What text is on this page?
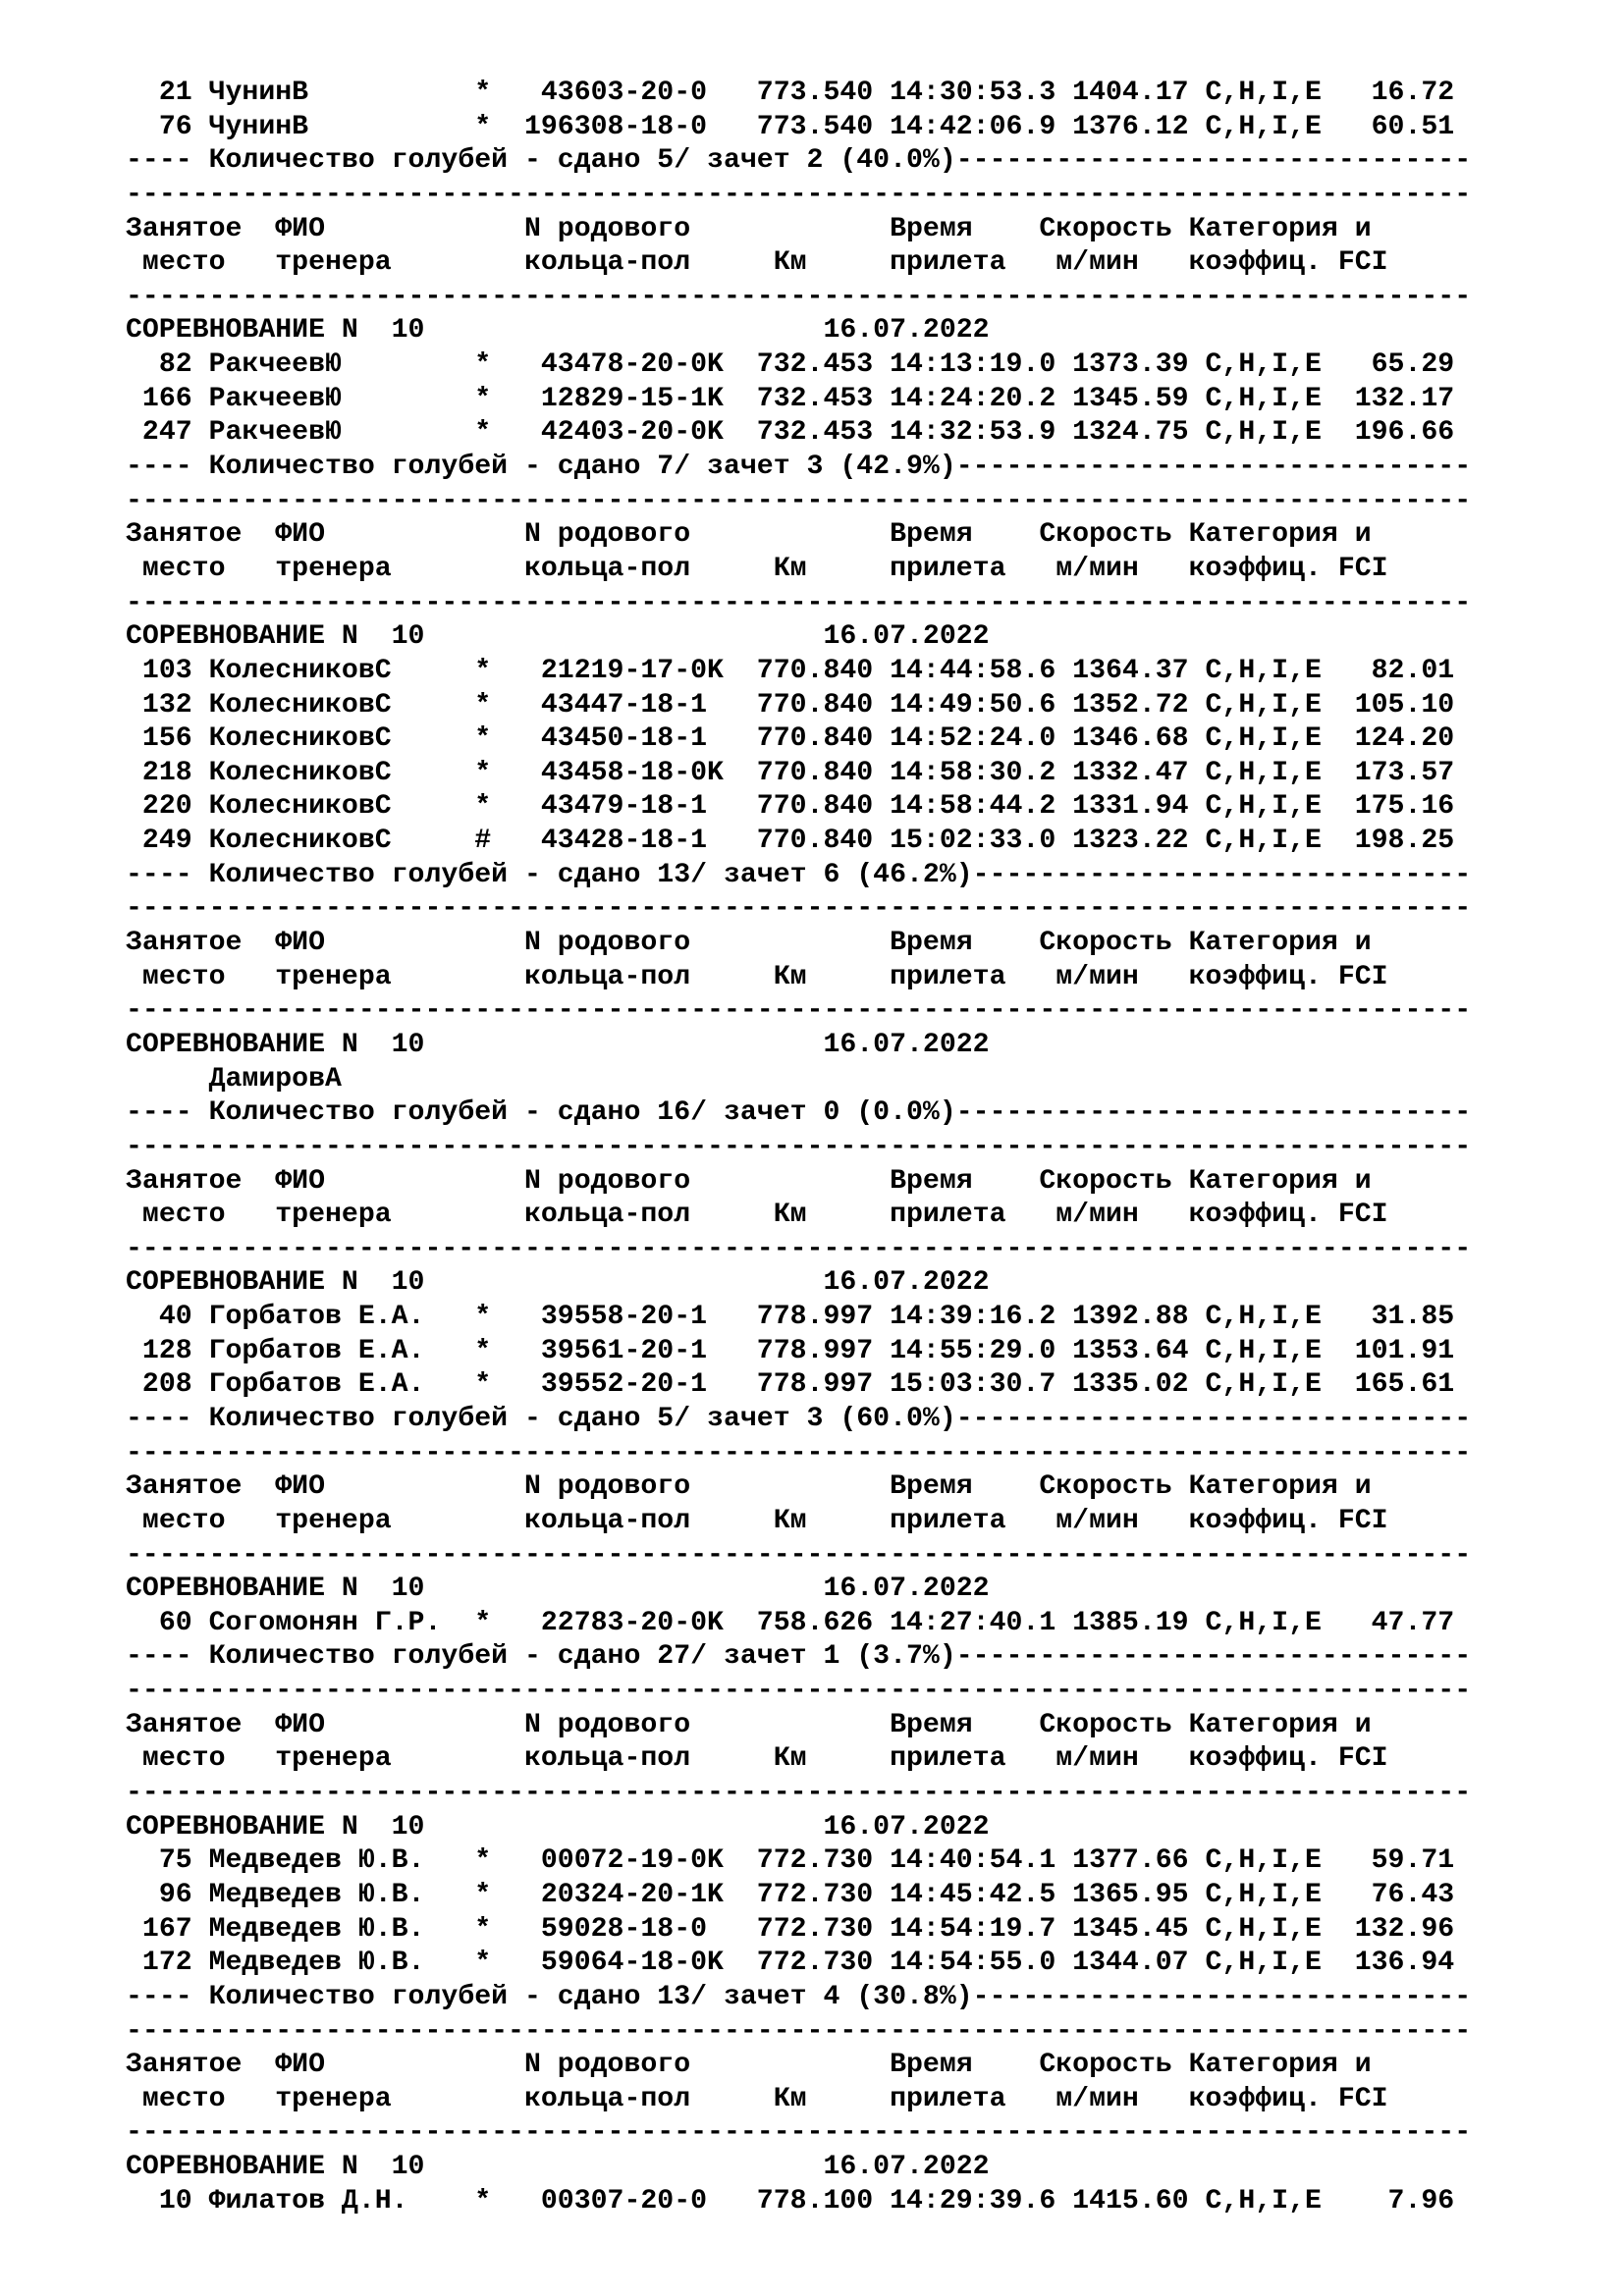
21 ЧунинВ          *   43603-20-0   773.540 14:30:53.3 1404.17 C,H,I,E   16.72
76 ЧунинВ          *  196308-18-0   773.540 14:42:06.9 1376.12 C,H,I,E   60.51
---- Количество голубей - сдано 5/ зачет 2 (40.0%)-------------------------------
---------------------------------------------------------------------------------
Занятое  ФИО            N родового            Время    Скорость Категория и
место   тренера        кольца-пол     Км     прилета   м/мин   коэффиц. FCI
---------------------------------------------------------------------------------
СОРЕВНОВАНИЕ N  10                        16.07.2022
82 РакчеевЮ        *   43478-20-0K  732.453 14:13:19.0 1373.39 C,H,I,E   65.29
166 РакчеевЮ        *   12829-15-1K  732.453 14:24:20.2 1345.59 C,H,I,E  132.17
247 РакчеевЮ        *   42403-20-0K  732.453 14:32:53.9 1324.75 C,H,I,E  196.66
---- Количество голубей - сдано 7/ зачет 3 (42.9%)-------------------------------
---------------------------------------------------------------------------------
Занятое  ФИО            N родового            Время    Скорость Категория и
место   тренера        кольца-пол     Км     прилета   м/мин   коэффиц. FCI
---------------------------------------------------------------------------------
СОРЕВНОВАНИЕ N  10                        16.07.2022
103 КолесниковС     *   21219-17-0K  770.840 14:44:58.6 1364.37 C,H,I,E   82.01
132 КолесниковС     *   43447-18-1   770.840 14:49:50.6 1352.72 C,H,I,E  105.10
156 КолесниковС     *   43450-18-1   770.840 14:52:24.0 1346.68 C,H,I,E  124.20
218 КолесниковС     *   43458-18-0K  770.840 14:58:30.2 1332.47 C,H,I,E  173.57
220 КолесниковС     *   43479-18-1   770.840 14:58:44.2 1331.94 C,H,I,E  175.16
249 КолесниковС     #   43428-18-1   770.840 15:02:33.0 1323.22 C,H,I,E  198.25
---- Количество голубей - сдано 13/ зачет 6 (46.2%)------------------------------
---------------------------------------------------------------------------------
Занятое  ФИО            N родового            Время    Скорость Категория и
место   тренера        кольца-пол     Км     прилета   м/мин   коэффиц. FCI
---------------------------------------------------------------------------------
СОРЕВНОВАНИЕ N  10                        16.07.2022
ДамировА
---- Количество голубей - сдано 16/ зачет 0 (0.0%)-------------------------------
---------------------------------------------------------------------------------
Занятое  ФИО            N родового            Время    Скорость Категория и
место   тренера        кольца-пол     Км     прилета   м/мин   коэффиц. FCI
---------------------------------------------------------------------------------
СОРЕВНОВАНИЕ N  10                        16.07.2022
40 Горбатов Е.А.   *   39558-20-1   778.997 14:39:16.2 1392.88 C,H,I,E   31.85
128 Горбатов Е.А.   *   39561-20-1   778.997 14:55:29.0 1353.64 C,H,I,E  101.91
208 Горбатов Е.А.   *   39552-20-1   778.997 15:03:30.7 1335.02 C,H,I,E  165.61
---- Количество голубей - сдано 5/ зачет 3 (60.0%)-------------------------------
---------------------------------------------------------------------------------
Занятое  ФИО            N родового            Время    Скорость Категория и
место   тренера        кольца-пол     Км     прилета   м/мин   коэффиц. FCI
---------------------------------------------------------------------------------
СОРЕВНОВАНИЕ N  10                        16.07.2022
60 Согомонян Г.Р.  *   22783-20-0K  758.626 14:27:40.1 1385.19 C,H,I,E   47.77
---- Количество голубей - сдано 27/ зачет 1 (3.7%)-------------------------------
---------------------------------------------------------------------------------
Занятое  ФИО            N родового            Время    Скорость Категория и
место   тренера        кольца-пол     Км     прилета   м/мин   коэффиц. FCI
---------------------------------------------------------------------------------
СОРЕВНОВАНИЕ N  10                        16.07.2022
75 Медведев Ю.В.   *   00072-19-0K  772.730 14:40:54.1 1377.66 C,H,I,E   59.71
96 Медведев Ю.В.   *   20324-20-1K  772.730 14:45:42.5 1365.95 C,H,I,E   76.43
167 Медведев Ю.В.   *   59028-18-0   772.730 14:54:19.7 1345.45 C,H,I,E  132.96
172 Медведев Ю.В.   *   59064-18-0K  772.730 14:54:55.0 1344.07 C,H,I,E  136.94
---- Количество голубей - сдано 13/ зачет 4 (30.8%)------------------------------
---------------------------------------------------------------------------------
Занятое  ФИО            N родового            Время    Скорость Категория и
место   тренера        кольца-пол     Км     прилета   м/мин   коэффиц. FCI
---------------------------------------------------------------------------------
СОРЕВНОВАНИЕ N  10                        16.07.2022
10 Филатов Д.Н.    *   00307-20-0   778.100 14:29:39.6 1415.60 C,H,I,E    7.96
